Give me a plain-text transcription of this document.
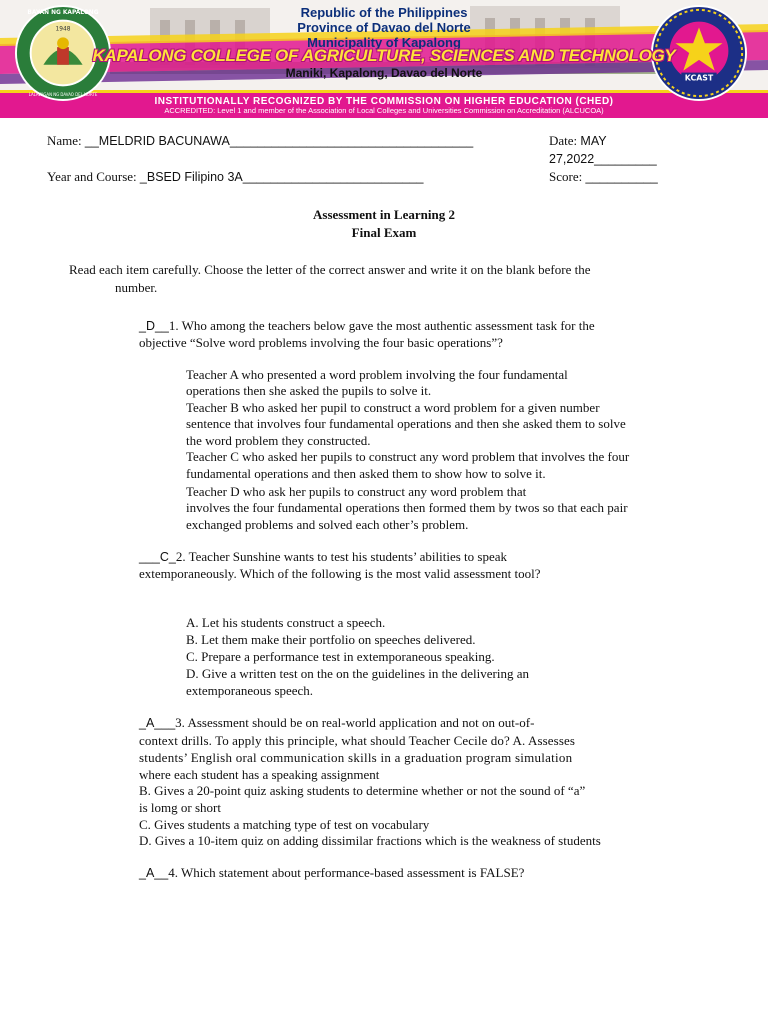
1948
BAYAN NG KAPALONG
LALAWIGAN NG DAVAO DEL NORTE
KCAST
Republic of the Philippines
Province of Davao del Norte
Municipality of Kapalong
KAPALONG COLLEGE OF AGRICULTURE, SCIENCES AND TECHNOLOGY
Maniki, Kapalong, Davao del Norte
INSTITUTIONALLY RECOGNIZED BY THE COMMISSION ON HIGHER EDUCATION (CHED)
ACCREDITED: Level 1 and member of the Association of Local Colleges and Universities Commission on Accreditation (ALCUCOA)
Name: __MELDRID BACUNAWA___________________________________	Date: MAY
27,2022_________
Year and Course: _BSED Filipino 3A__________________________	Score: __________
Assessment in Learning 2
Final Exam
Read each item carefully. Choose the letter of the correct answer and write it on the blank before the
number.
_D__1. Who among the teachers below gave the most authentic assessment task for the
objective “Solve word problems involving the four basic operations”?
Teacher A who presented a word problem involving the four fundamental
operations then she asked the pupils to solve it.
Teacher B who asked her pupil to construct a word problem for a given number
sentence that involves four fundamental operations and then she asked them to solve
the word problem they constructed.
Teacher C who asked her pupils to construct any word problem that involves the four
fundamental operations and then asked them to show how to solve it.
Teacher D who ask her pupils to construct any word problem that
involves the four fundamental operations then formed them by twos so that each pair
exchanged problems and solved each other’s problem.
___C_2. Teacher Sunshine wants to test his students’ abilities to speak
extemporaneously. Which of the following is the most valid assessment tool?
A. Let his students construct a speech.
B. Let them make their portfolio on speeches delivered.
C. Prepare a performance test in extemporaneous speaking.
D. Give a written test on the on the guidelines in the delivering an
extemporaneous speech.
_A___3. Assessment should be on real-world application and not on out-of-
context drills. To apply this principle, what should Teacher Cecile do? A. Assesses
students’ English oral communication skills in a graduation program simulation
where each student has a speaking assignment
B. Gives a 20-point quiz asking students to determine whether or not the sound of “a”
is lomg or short
C. Gives students a matching type of test on vocabulary
D. Gives a 10-item quiz on adding dissimilar fractions which is the weakness of students
_A__4. Which statement about performance-based assessment is FALSE?
